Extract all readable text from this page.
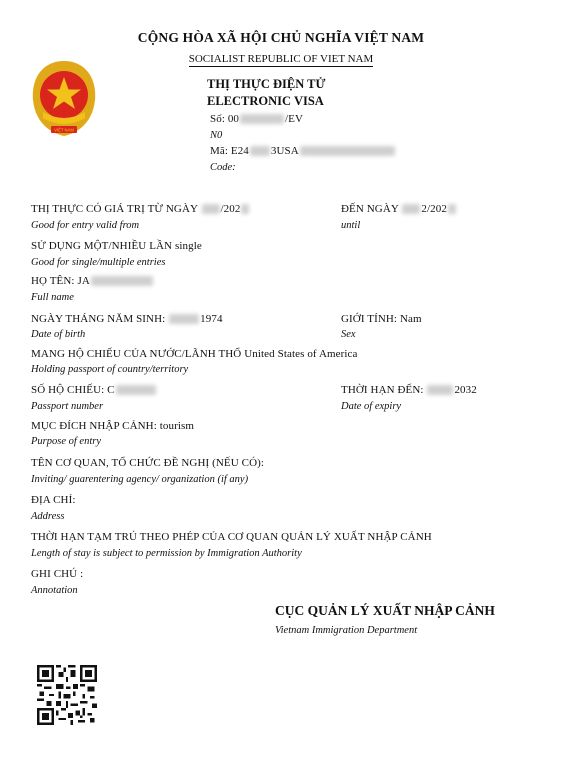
VIỆT NAM
CỘNG HÒA XÃ HỘI CHỦ NGHĨA VIỆT NAM
SOCIALIST REPUBLIC OF VIET NAM
THỊ THỰC ĐIỆN TỬ
ELECTRONIC VISA
Số: 00	/EV
N0
Mã: E24 3USA
Code:
THỊ THỰC CÓ GIÁ TRỊ TỪ NGÀY /202
Good for entry valid from
ĐẾN NGÀY 2/202
until
SỬ DỤNG MỘT/NHIỀU LẦN single
Good for single/multiple entries
HỌ TÊN: JA
Full name
NGÀY THÁNG NĂM SINH:	1974
Date of birth
GIỚI TÍNH: Nam
Sex
MANG HỘ CHIẾU CỦA NƯỚC/LÃNH THỔ United States of America
Holding passport of country/territory
SỐ HỘ CHIẾU: C
Passport number
THỜI HẠN ĐẾN:	2032
Date of expiry
MỤC ĐÍCH NHẬP CẢNH: tourism
Purpose of entry
TÊN CƠ QUAN, TỔ CHỨC ĐỀ NGHỊ (NẾU CÓ):
Inviting/ guarentering agency/ organization (if any)
ĐỊA CHỈ:
Address
THỜI HẠN TẠM TRÚ THEO PHÉP CỦA CƠ QUAN QUẢN LÝ XUẤT NHẬP CẢNH
Length of stay is subject to permission by Immigration Authority
GHI CHÚ :
Annotation
CỤC QUẢN LÝ XUẤT NHẬP CẢNH
Vietnam Immigration Department
